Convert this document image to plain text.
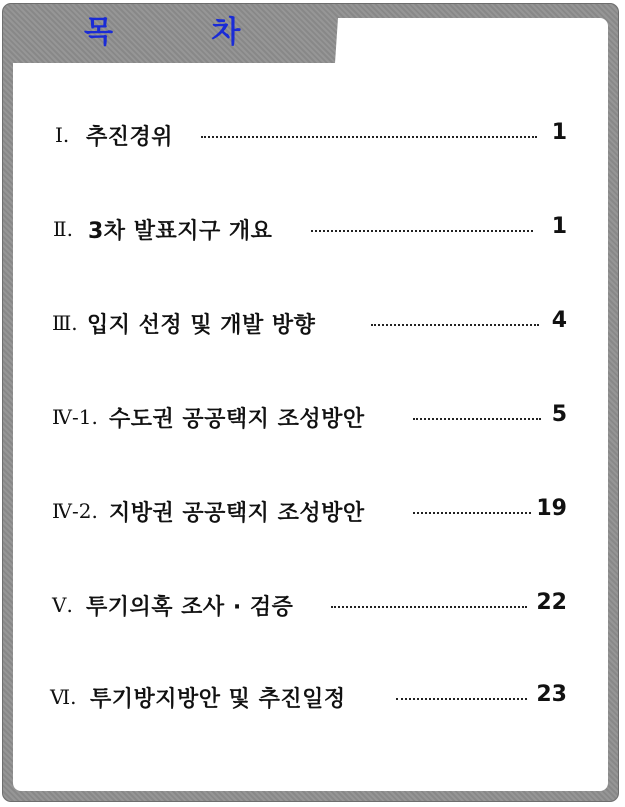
목 차
Ⅰ. 추진경위	1
Ⅱ. 3차 발표지구 개요	1
Ⅲ. 입지 선정 및 개발 방향	4
Ⅳ-1. 수도권 공공택지 조성방안	5
Ⅳ-2. 지방권 공공택지 조성방안	19
Ⅴ. 투기의혹 조사 · 검증	22
Ⅵ. 투기방지방안 및 추진일정	23
